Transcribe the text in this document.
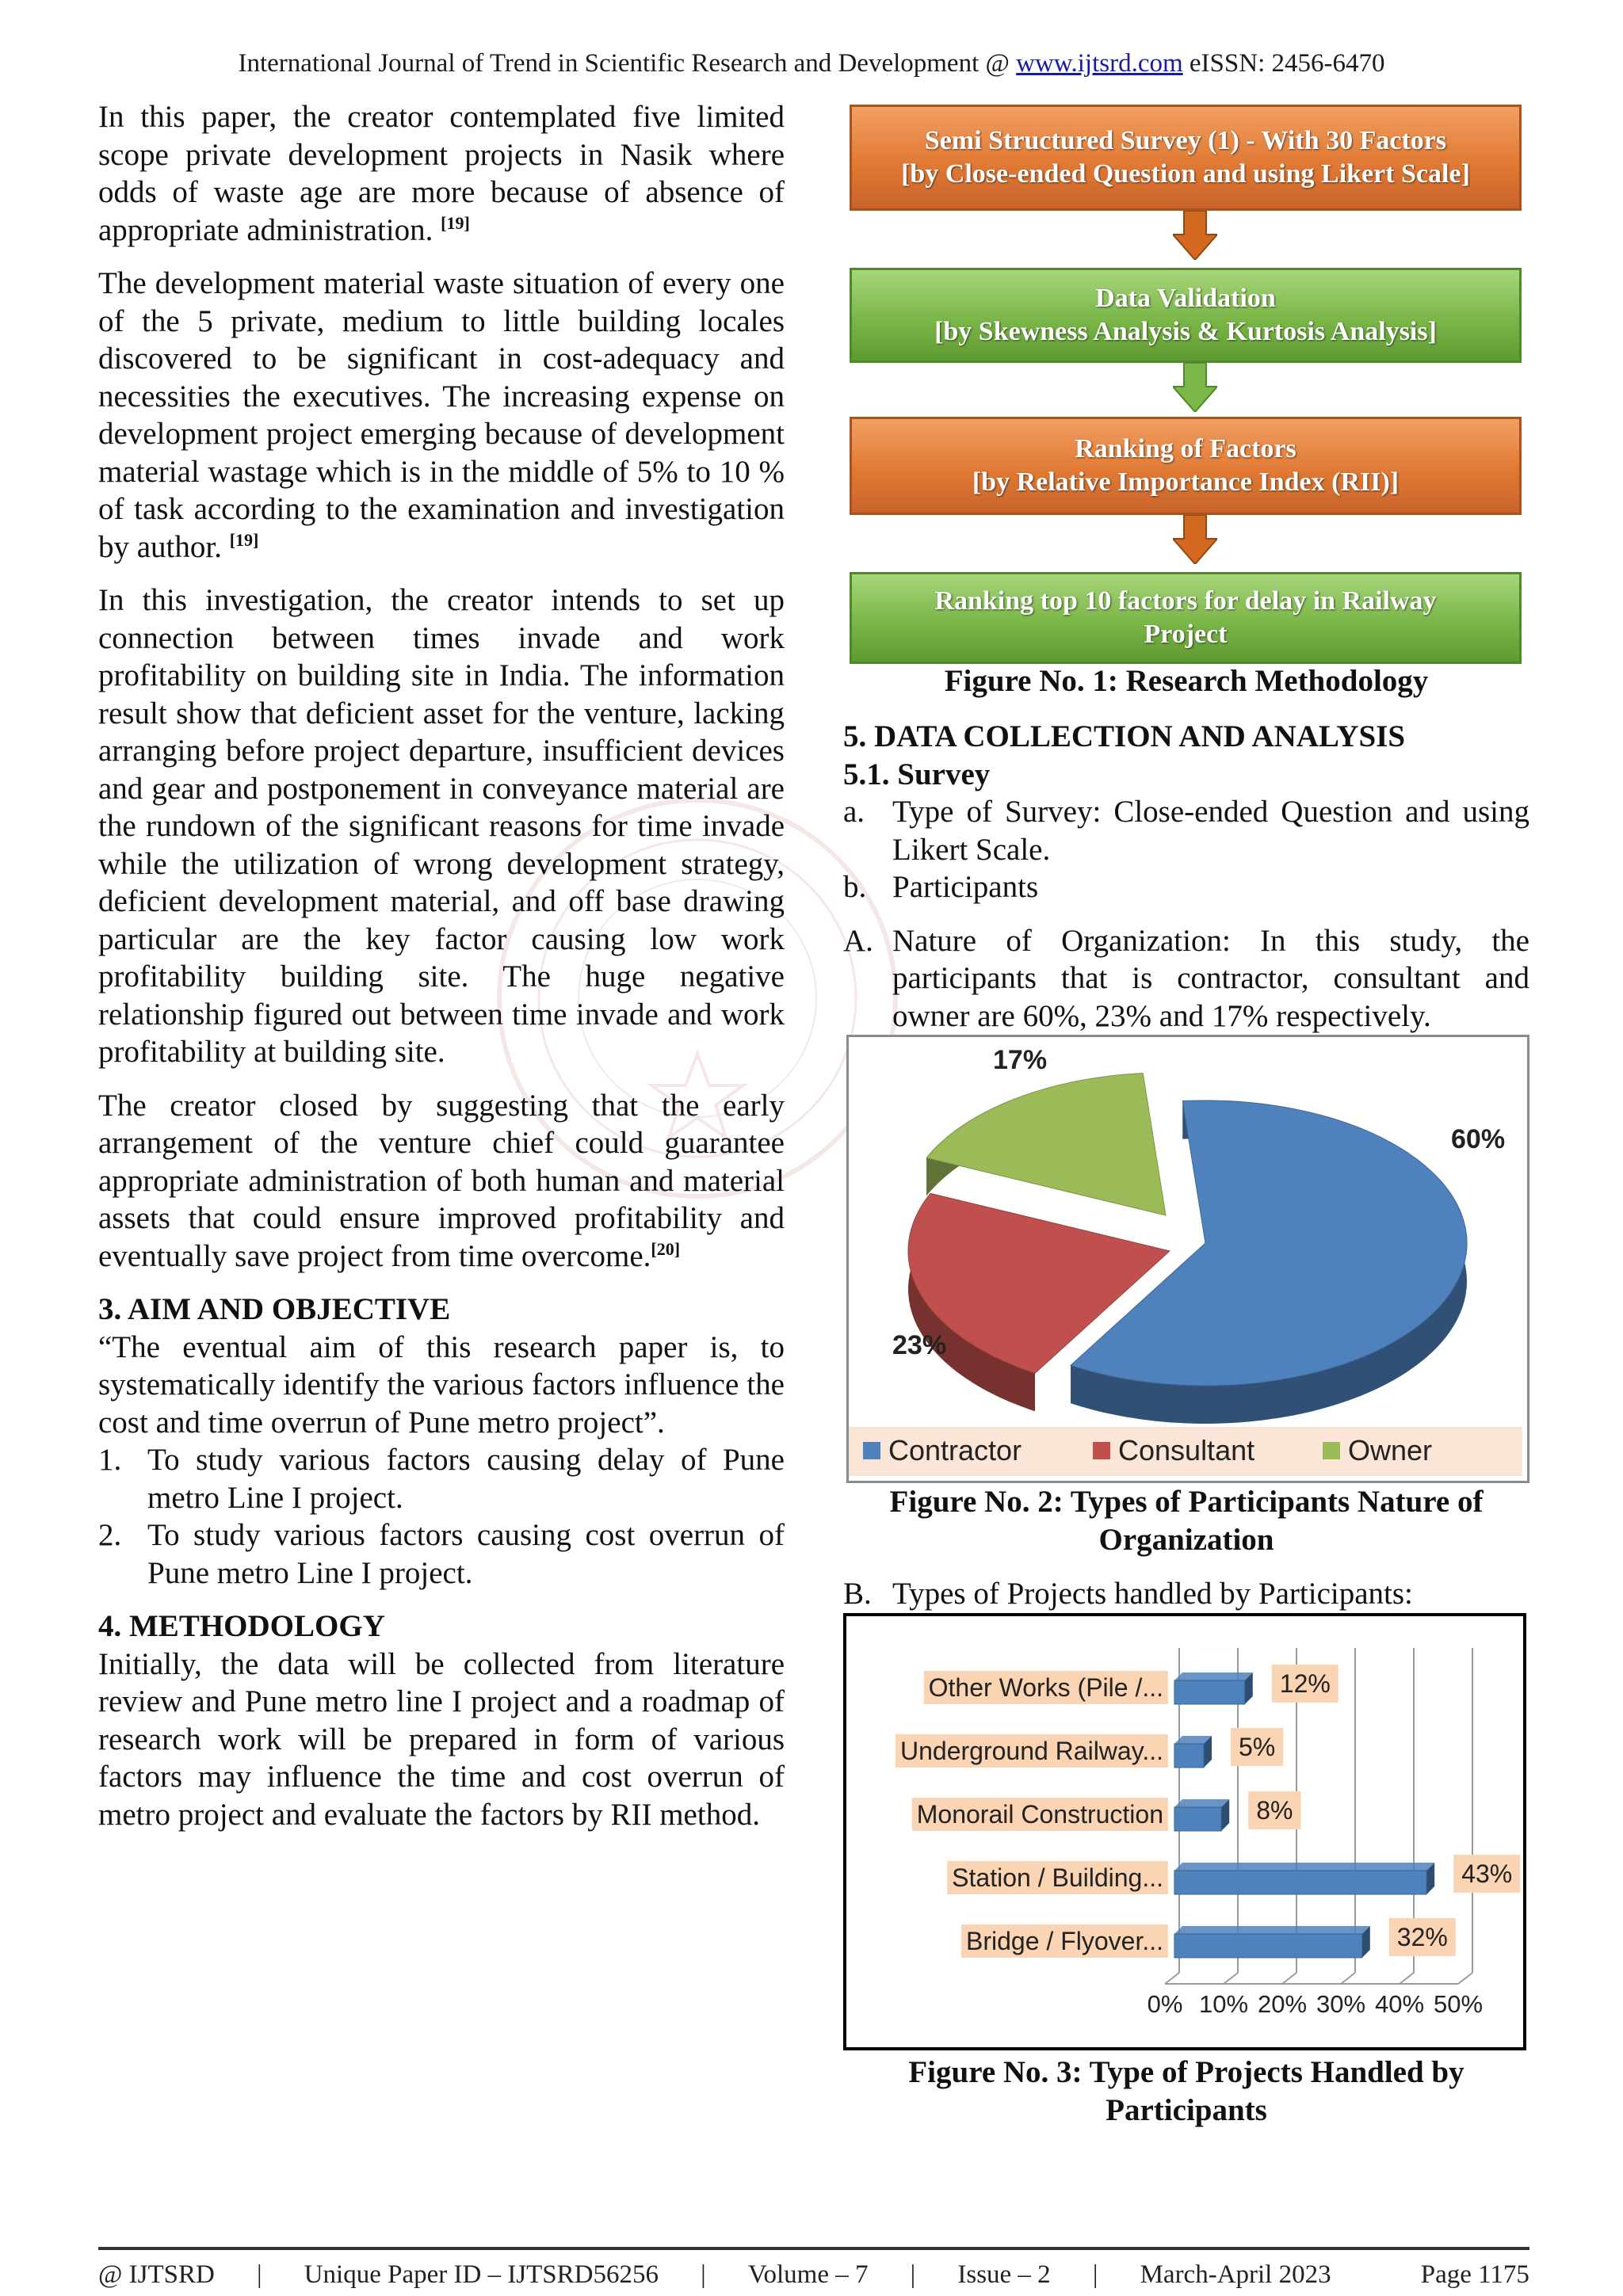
International Journal of Trend in Scientific Research and Development @ www.ijtsrd.com eISSN: 2456-6470

In this paper, the creator contemplated five limited scope private development projects in Nasik where odds of waste age are more because of absence of appropriate administration. [19]

The development material waste situation of every one of the 5 private, medium to little building locales discovered to be significant in cost-adequacy and necessities the executives. The increasing expense on development project emerging because of development material wastage which is in the middle of 5% to 10 % of task according to the examination and investigation by author. [19]

In this investigation, the creator intends to set up connection between times invade and work profitability on building site in India. The information result show that deficient asset for the venture, lacking arranging before project departure, insufficient devices and gear and postponement in conveyance material are the rundown of the significant reasons for time invade while the utilization of wrong development strategy, deficient development material, and off base drawing particular are the key factor causing low work profitability building site. The huge negative relationship figured out between time invade and work profitability at building site.

The creator closed by suggesting that the early arrangement of the venture chief could guarantee appropriate administration of both human and material assets that could ensure improved profitability and eventually save project from time overcome.[20]

3. AIM AND OBJECTIVE

“The eventual aim of this research paper is, to systematically identify the various factors influence the cost and time overrun of Pune metro project”.

1. To study various factors causing delay of Pune metro Line I project.
2. To study various factors causing cost overrun of Pune metro Line I project.
4. METHODOLOGY

Initially, the data will be collected from literature review and Pune metro line I project and a roadmap of research work will be prepared in form of various factors may influence the time and cost overrun of metro project and evaluate the factors by RII method.

Semi Structured Survey (1) - With 30 Factors
[by Close-ended Question and using Likert Scale]
Data Validation
[by Skewness Analysis & Kurtosis Analysis]
Ranking of Factors
[by Relative Importance Index (RII)]
Ranking top 10 factors for delay in Railway
Project
Figure No. 1: Research Methodology
5. DATA COLLECTION AND ANALYSIS
5.1. Survey
a. Type of Survey: Close-ended Question and using Likert Scale.
b. Participants
A. Nature of Organization: In this study, the participants that is contractor, consultant and owner are 60%, 23% and 17% respectively.
60%
23%
17%
Contractor	Consultant	Owner
Figure No. 2: Types of Participants Nature of
Organization
B. Types of Projects handled by Participants:
0% 10% 20% 30% 40% 50%
Other Works (Pile /...	12%
Underground Railway...	5%
Monorail Construction	8%
Station / Building...	43%
Bridge / Flyover...	32%
Figure No. 3: Type of Projects Handled by
Participants
@ IJTSRD | Unique Paper ID – IJTSRD56256 | Volume – 7 | Issue – 2 | March-April 2023	Page 1175
